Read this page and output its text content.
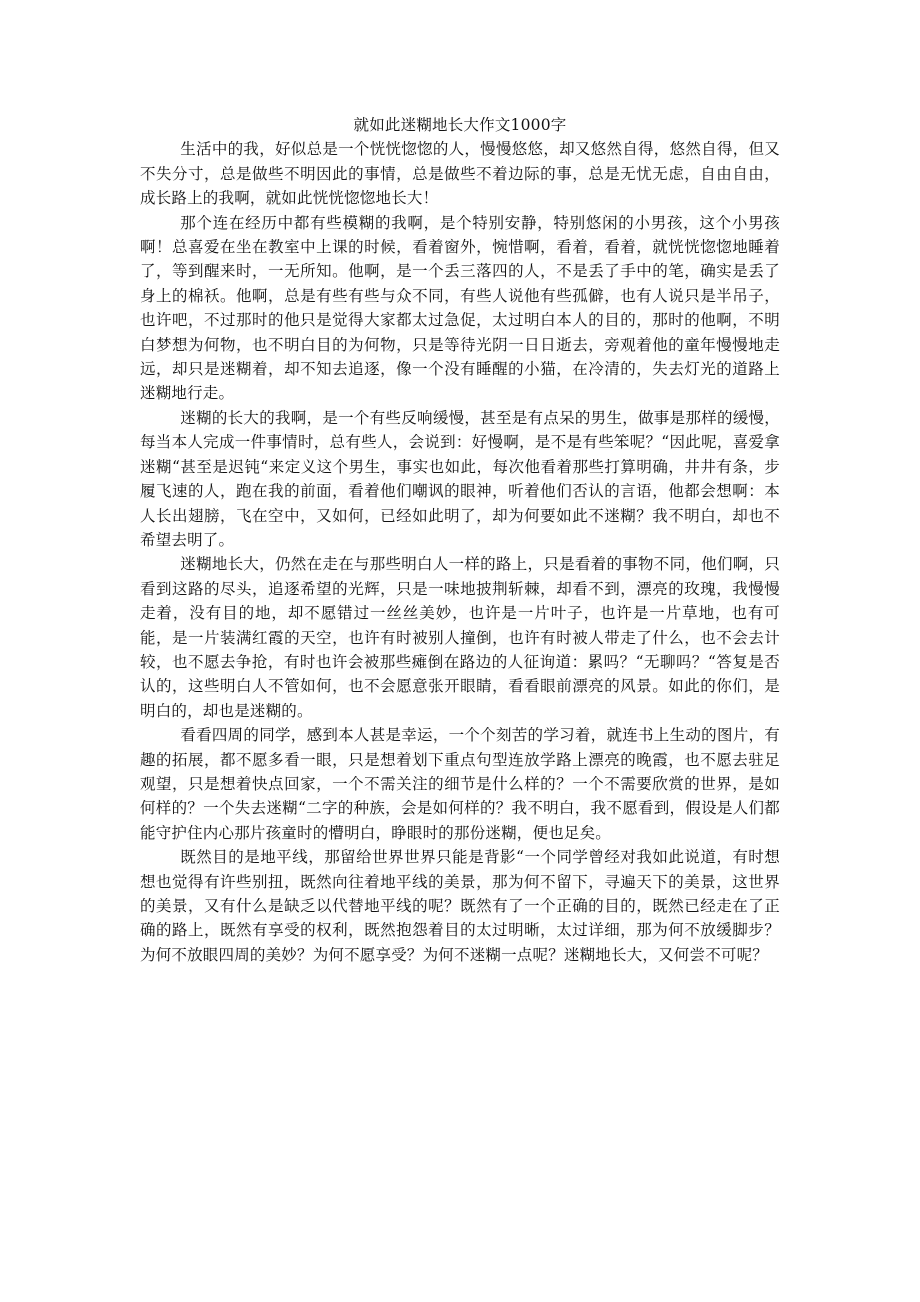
就如此迷糊地长大作文1000字

生活中的我，好似总是一个恍恍惚惚的人，慢慢悠悠，却又悠然自得，悠然自得，但又不失分寸，总是做些不明因此的事情，总是做些不着边际的事，总是无忧无虑，自由自由，成长路上的我啊，就如此恍恍惚惚地长大！

那个连在经历中都有些模糊的我啊，是个特别安静，特别悠闲的小男孩，这个小男孩啊！总喜爱在坐在教室中上课的时候，看着窗外，惋惜啊，看着，看着，就恍恍惚惚地睡着了，等到醒来时，一无所知。他啊，是一个丢三落四的人，不是丢了手中的笔，确实是丢了身上的棉袄。他啊，总是有些有些与众不同，有些人说他有些孤僻，也有人说只是半吊子，也许吧，不过那时的他只是觉得大家都太过急促，太过明白本人的目的，那时的他啊，不明白梦想为何物，也不明白目的为何物，只是等待光阴一日日逝去，旁观着他的童年慢慢地走远，却只是迷糊着，却不知去追逐，像一个没有睡醒的小猫，在冷清的，失去灯光的道路上迷糊地行走。

迷糊的长大的我啊，是一个有些反响缓慢，甚至是有点呆的男生，做事是那样的缓慢，每当本人完成一件事情时，总有些人，会说到：好慢啊，是不是有些笨呢？“因此呢，喜爱拿迷糊“甚至是迟钝“来定义这个男生，事实也如此，每次他看着那些打算明确，井井有条，步履飞速的人，跑在我的前面，看着他们嘲讽的眼神，听着他们否认的言语，他都会想啊：本人长出翅膀，飞在空中，又如何，已经如此明了，却为何要如此不迷糊？我不明白，却也不希望去明了。

迷糊地长大，仍然在走在与那些明白人一样的路上，只是看着的事物不同，他们啊，只看到这路的尽头，追逐希望的光辉，只是一味地披荆斩棘，却看不到，漂亮的玫瑰，我慢慢走着，没有目的地，却不愿错过一丝丝美妙，也许是一片叶子，也许是一片草地，也有可能，是一片装满红霞的天空，也许有时被别人撞倒，也许有时被人带走了什么，也不会去计较，也不愿去争抢，有时也许会被那些瘫倒在路边的人征询道：累吗？“无聊吗？“答复是否认的，这些明白人不管如何，也不会愿意张开眼睛，看看眼前漂亮的风景。如此的你们，是明白的，却也是迷糊的。

看看四周的同学，感到本人甚是幸运，一个个刻苦的学习着，就连书上生动的图片，有趣的拓展，都不愿多看一眼，只是想着划下重点句型连放学路上漂亮的晚霞，也不愿去驻足观望，只是想着快点回家，一个不需关注的细节是什么样的？一个不需要欣赏的世界，是如何样的？一个失去迷糊“二字的种族，会是如何样的？我不明白，我不愿看到，假设是人们都能守护住内心那片孩童时的懵明白，睁眼时的那份迷糊，便也足矣。

既然目的是地平线，那留给世界世界只能是背影“一个同学曾经对我如此说道，有时想想也觉得有许些别扭，既然向往着地平线的美景，那为何不留下，寻遍天下的美景，这世界的美景，又有什么是缺乏以代替地平线的呢？既然有了一个正确的目的，既然已经走在了正确的路上，既然有享受的权利，既然抱怨着目的太过明晰，太过详细，那为何不放缓脚步？为何不放眼四周的美妙？为何不愿享受？为何不迷糊一点呢？迷糊地长大，又何尝不可呢？
